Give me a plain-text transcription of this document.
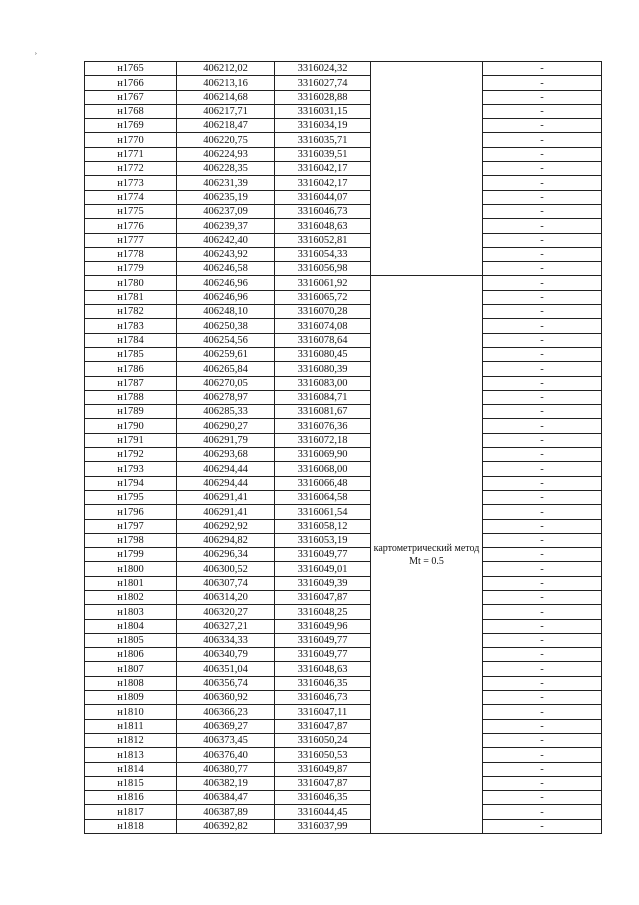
˒
н1765	406212,02	3316024,32		-
н1766	406213,16	3316027,74		-
н1767	406214,68	3316028,88		-
н1768	406217,71	3316031,15		-
н1769	406218,47	3316034,19		-
н1770	406220,75	3316035,71		-
н1771	406224,93	3316039,51		-
н1772	406228,35	3316042,17		-
н1773	406231,39	3316042,17		-
н1774	406235,19	3316044,07		-
н1775	406237,09	3316046,73		-
н1776	406239,37	3316048,63		-
н1777	406242,40	3316052,81		-
н1778	406243,92	3316054,33		-
н1779	406246,58	3316056,98		-
н1780	406246,96	3316061,92	картометрический метод Mt = 0.5	-
н1781	406246,96	3316065,72		-
н1782	406248,10	3316070,28		-
н1783	406250,38	3316074,08		-
н1784	406254,56	3316078,64		-
н1785	406259,61	3316080,45		-
н1786	406265,84	3316080,39		-
н1787	406270,05	3316083,00		-
н1788	406278,97	3316084,71		-
н1789	406285,33	3316081,67		-
н1790	406290,27	3316076,36		-
н1791	406291,79	3316072,18		-
н1792	406293,68	3316069,90		-
н1793	406294,44	3316068,00		-
н1794	406294,44	3316066,48		-
н1795	406291,41	3316064,58		-
н1796	406291,41	3316061,54		-
н1797	406292,92	3316058,12		-
н1798	406294,82	3316053,19		-
н1799	406296,34	3316049,77		-
н1800	406300,52	3316049,01		-
н1801	406307,74	3316049,39		-
н1802	406314,20	3316047,87		-
н1803	406320,27	3316048,25		-
н1804	406327,21	3316049,96		-
н1805	406334,33	3316049,77		-
н1806	406340,79	3316049,77		-
н1807	406351,04	3316048,63		-
н1808	406356,74	3316046,35		-
н1809	406360,92	3316046,73		-
н1810	406366,23	3316047,11		-
н1811	406369,27	3316047,87		-
н1812	406373,45	3316050,24		-
н1813	406376,40	3316050,53		-
н1814	406380,77	3316049,87		-
н1815	406382,19	3316047,87		-
н1816	406384,47	3316046,35		-
н1817	406387,89	3316044,45		-
н1818	406392,82	3316037,99		-
